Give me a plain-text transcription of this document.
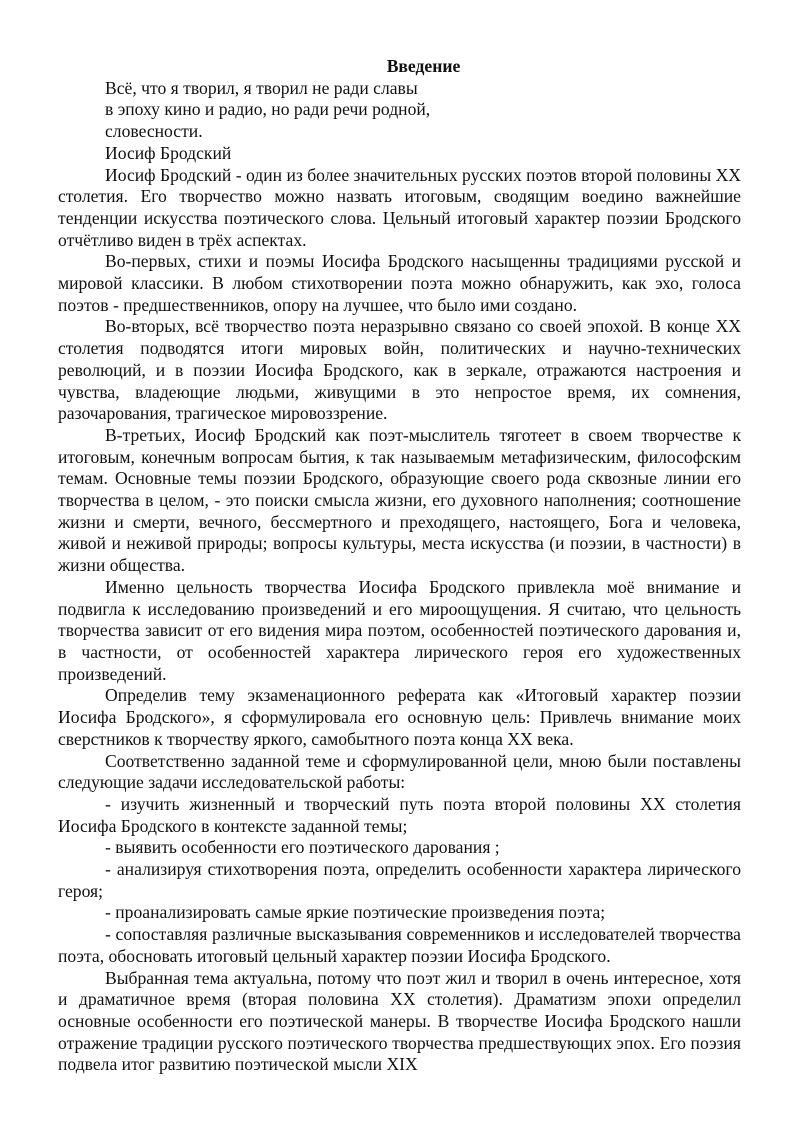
Введение

Всё, что я творил, я творил не ради славы
в эпоху кино и радио, но ради речи родной,
словесности.
Иосиф Бродский

Иосиф Бродский - один из более значительных русских поэтов второй половины XX столетия. Его творчество можно назвать итоговым, сводящим воедино важнейшие тенденции искусства поэтического слова. Цельный итоговый характер поэзии Бродского отчётливо виден в трёх аспектах.

Во-первых, стихи и поэмы Иосифа Бродского насыщенны традициями русской и мировой классики. В любом стихотворении поэта можно обнаружить, как эхо, голоса поэтов - предшественников, опору на лучшее, что было ими создано.

Во-вторых, всё творчество поэта неразрывно связано со своей эпохой. В конце XX столетия подводятся итоги мировых войн, политических и научно-технических революций, и в поэзии Иосифа Бродского, как в зеркале, отражаются настроения и чувства, владеющие людьми, живущими в это непростое время, их сомнения, разочарования, трагическое мировоззрение.

В-третьих, Иосиф Бродский как поэт-мыслитель тяготеет в своем творчестве к итоговым, конечным вопросам бытия, к так называемым метафизическим, философским темам. Основные темы поэзии Бродского, образующие своего рода сквозные линии его творчества в целом, - это поиски смысла жизни, его духовного наполнения; соотношение жизни и смерти, вечного, бессмертного и преходящего, настоящего, Бога и человека, живой и неживой природы; вопросы культуры, места искусства (и поэзии, в частности) в жизни общества.

Именно цельность творчества Иосифа Бродского привлекла моё внимание и подвигла к исследованию произведений и его мироощущения. Я считаю, что цельность творчества зависит от его видения мира поэтом, особенностей поэтического дарования и, в частности, от особенностей характера лирического героя его художественных произведений.

Определив тему экзаменационного реферата как «Итоговый характер поэзии Иосифа Бродского», я сформулировала его основную цель: Привлечь внимание моих сверстников к творчеству яркого, самобытного поэта конца XX века.

Соответственно заданной теме и сформулированной цели, мною были поставлены следующие задачи исследовательской работы:

- изучить жизненный и творческий путь поэта второй половины XX столетия Иосифа Бродского в контексте заданной темы;

- выявить особенности его поэтического дарования ;

- анализируя стихотворения поэта, определить особенности характера лирического героя;

- проанализировать самые яркие поэтические произведения поэта;

- сопоставляя различные высказывания современников и исследователей творчества поэта, обосновать итоговый цельный характер поэзии Иосифа Бродского.

Выбранная тема актуальна, потому что поэт жил и творил в очень интересное, хотя и драматичное время (вторая половина XX столетия). Драматизм эпохи определил основные особенности его поэтической манеры. В творчестве Иосифа Бродского нашли отражение традиции русского поэтического творчества предшествующих эпох. Его поэзия подвела итог развитию поэтической мысли XIX
